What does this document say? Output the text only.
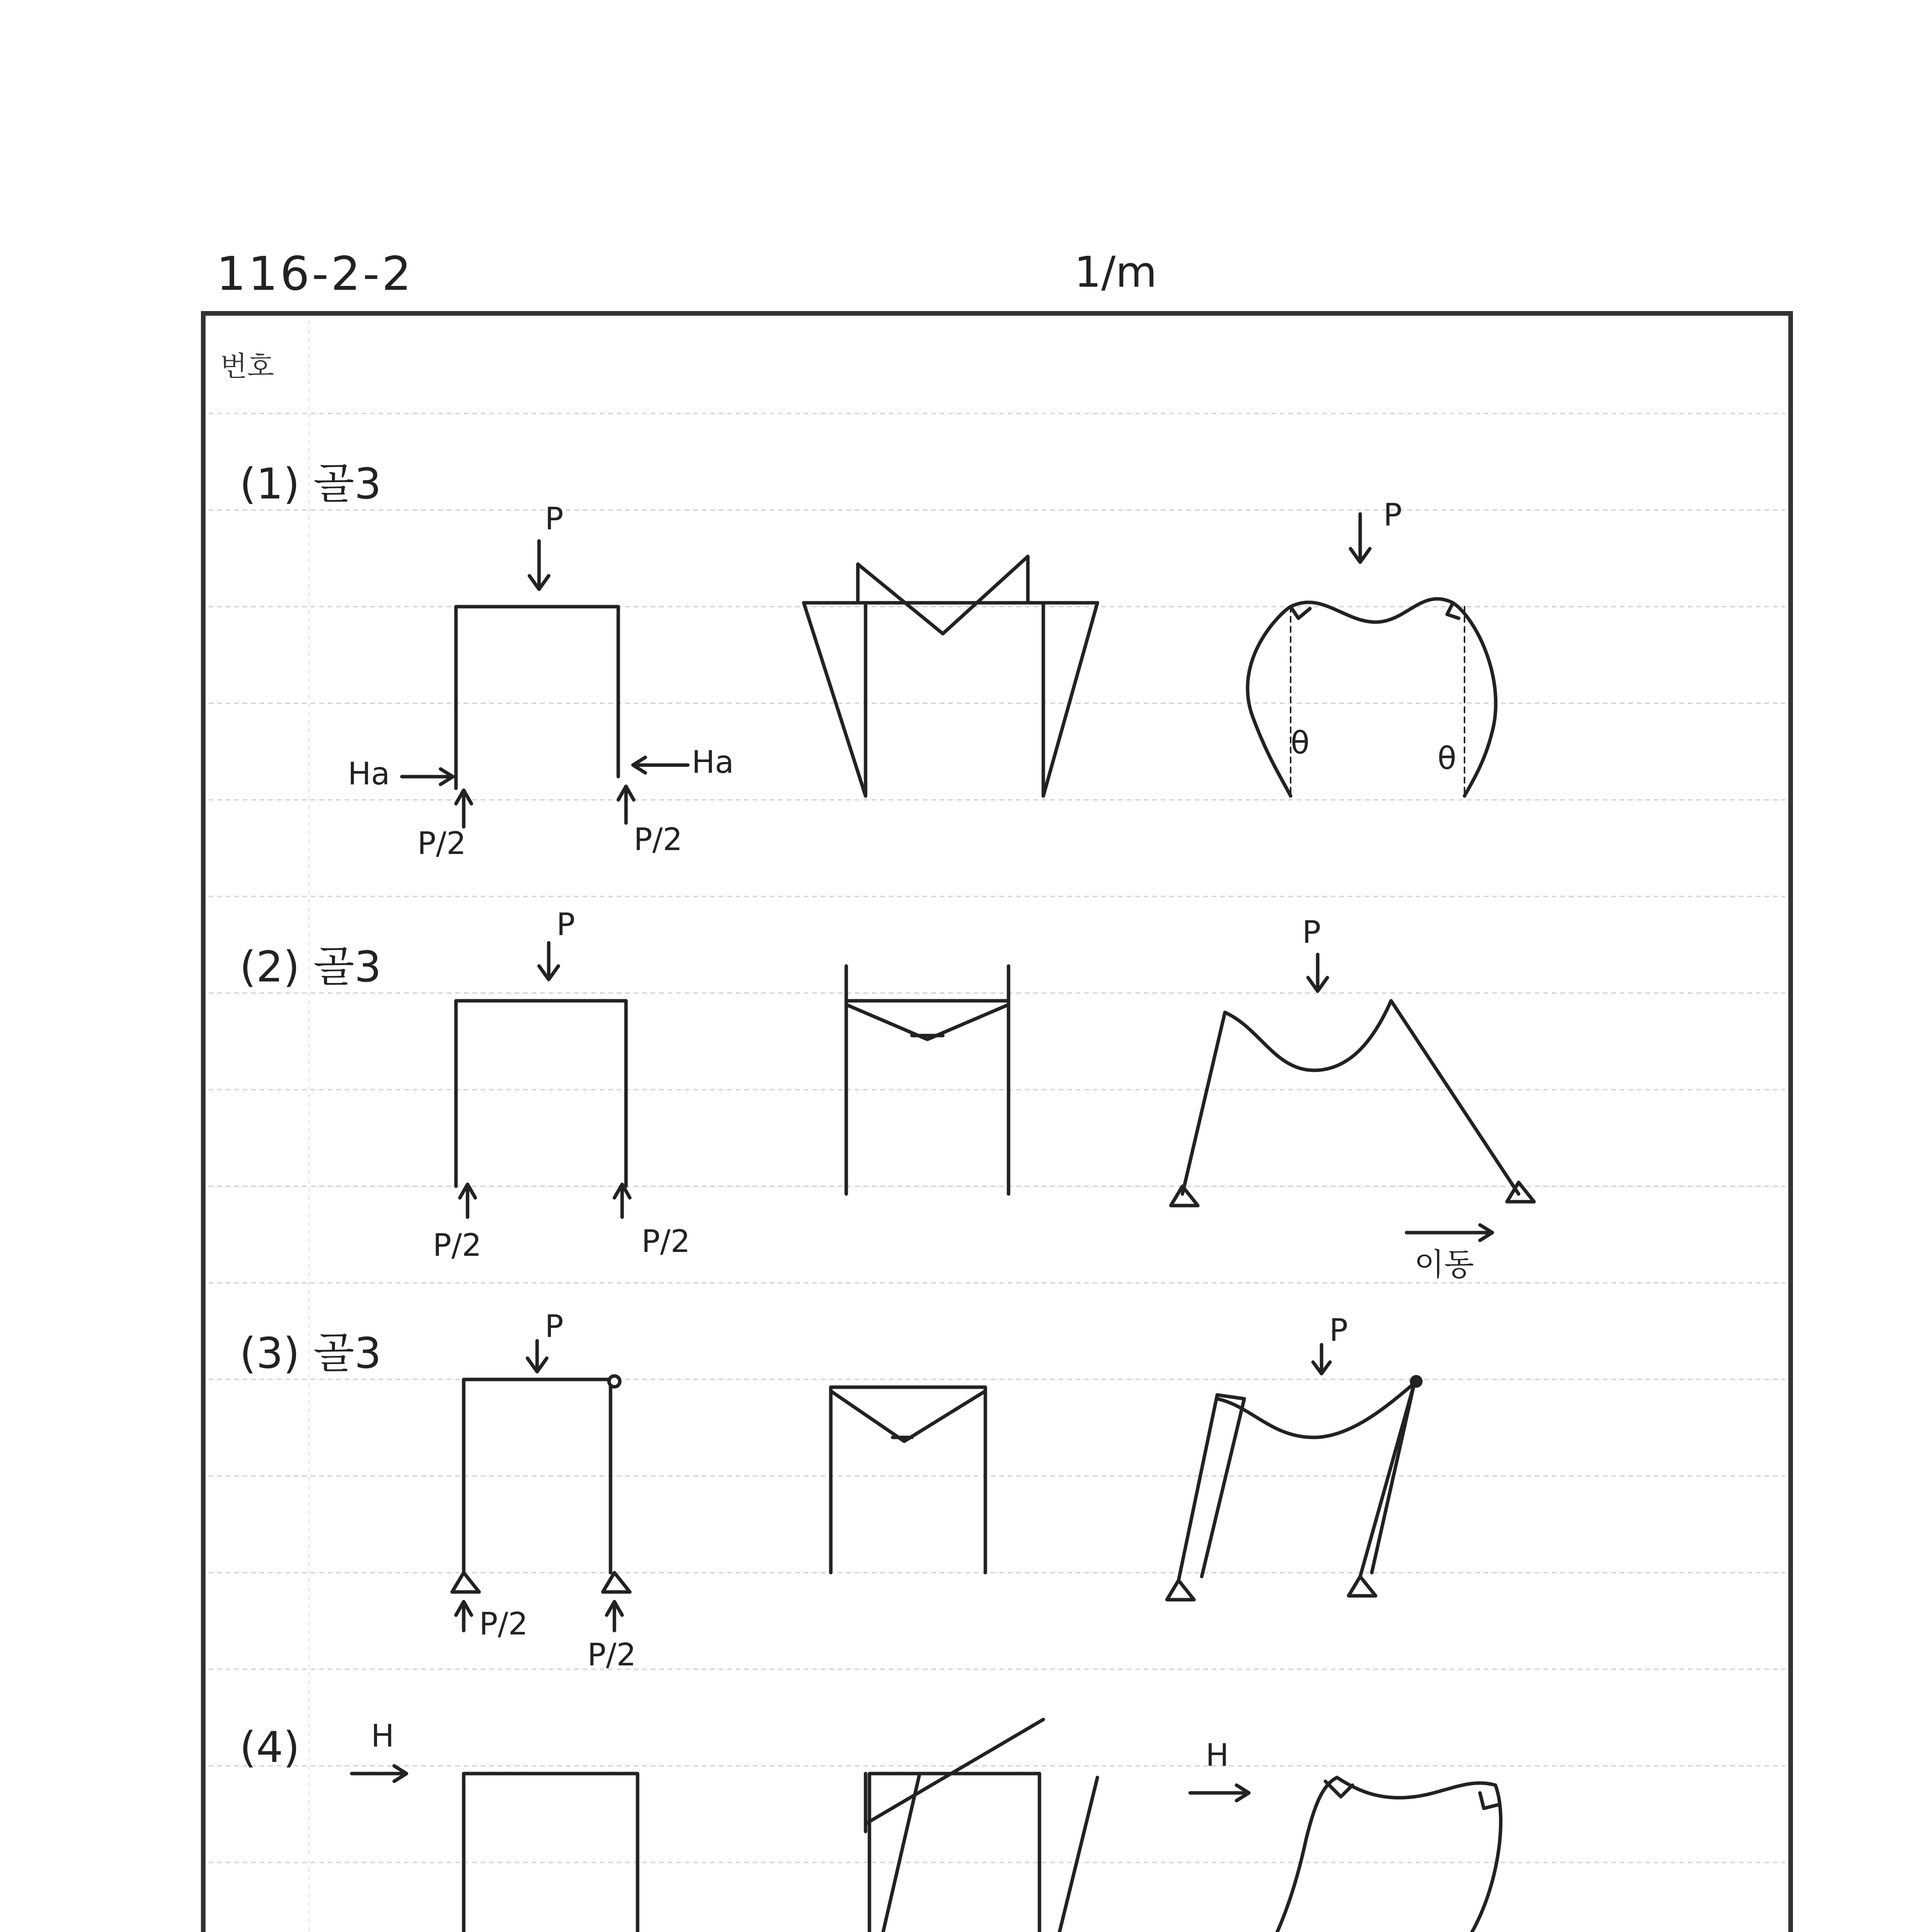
116-2-2	1/m
번호
(1) 골3
(2) 골3
(3) 골3
(4)
P
Ha	Ha
P/2	P/2
P
θ	θ
P
P/2	P/2
P
이동
P
P/2
P/2
P
H
H
